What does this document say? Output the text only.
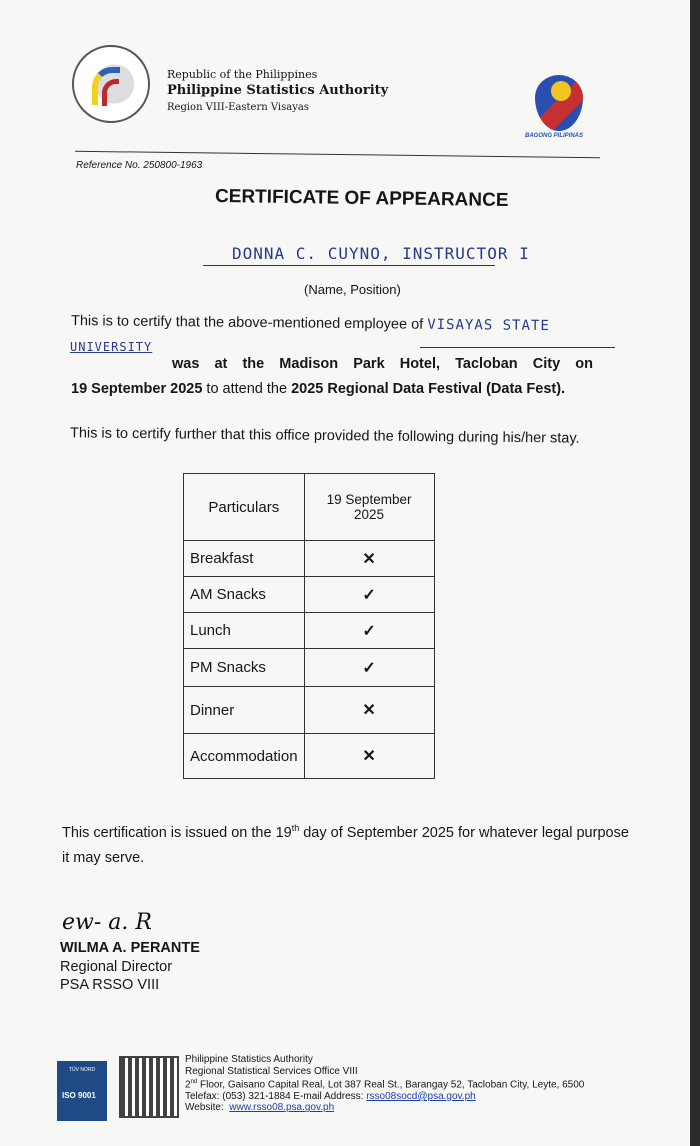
Republic of the Philippines
Philippine Statistics Authority
Region VIII-Eastern Visayas
BAGONG PILIPINAS
Reference No. 250800-1963
CERTIFICATE OF APPEARANCE
DONNA C. CUYNO, INSTRUCTOR I
(Name, Position)
This is to certify that the above-mentioned employee of VISAYAS STATE
UNIVERSITY
was   at   the   Madison   Park   Hotel,   Tacloban   City   on
19 September 2025 to attend the 2025 Regional Data Festival (Data Fest).
This is to certify further that this office provided the following during his/her stay.
Particulars	19 September 2025
Breakfast	✕
AM Snacks	✓
Lunch	✓
PM Snacks	✓
Dinner	✕
Accommodation	✕
This certification is issued on the 19th day of September 2025 for whatever legal purpose
it may serve.
ew- a. R
WILMA A. PERANTE
Regional Director
PSA RSSO VIII
TÜV NORD
ISO 9001
Philippine Statistics Authority
Regional Statistical Services Office VIII
2nd Floor, Gaisano Capital Real, Lot 387 Real St., Barangay 52, Tacloban City, Leyte, 6500
Telefax: (053) 321-1884 E-mail Address: rsso08socd@psa.gov.ph
Website:  www.rsso08.psa.gov.ph
